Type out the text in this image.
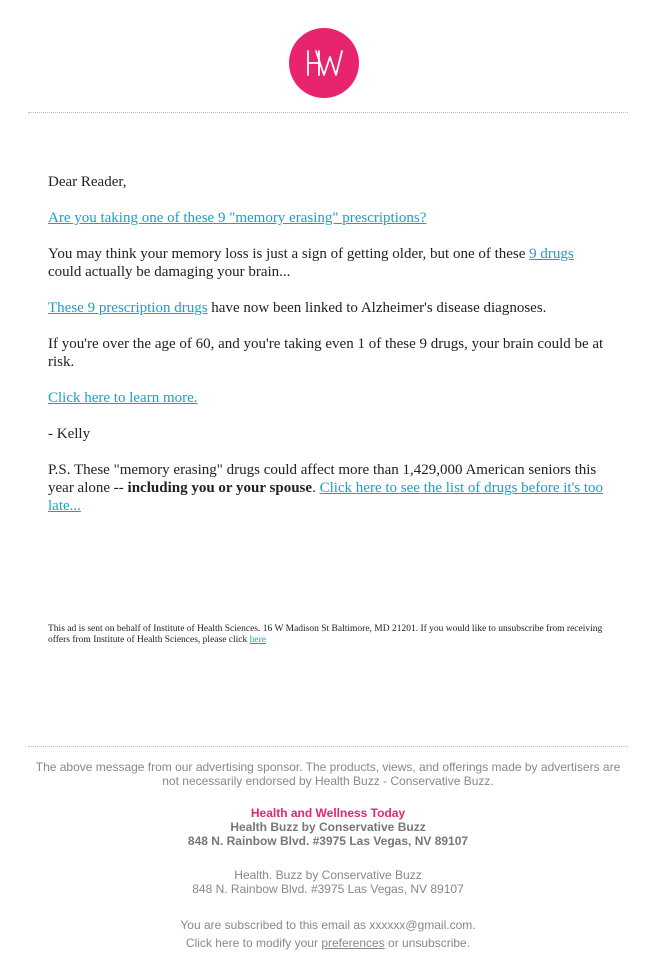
Dear Reader,

Are you taking one of these 9 "memory erasing" prescriptions?

You may think your memory loss is just a sign of getting older, but one of these 9 drugs could actually be damaging your brain...

These 9 prescription drugs have now been linked to Alzheimer's disease diagnoses.

If you're over the age of 60, and you're taking even 1 of these 9 drugs, your brain could be at risk.

Click here to learn more.

- Kelly

P.S. These "memory erasing" drugs could affect more than 1,429,000 American seniors this year alone -- including you or your spouse. Click here to see the list of drugs before it's too late...

This ad is sent on behalf of Institute of Health Sciences. 16 W Madison St Baltimore, MD 21201. If you would like to unsubscribe from receiving offers from Institute of Health Sciences, please click here
The above message from our advertising sponsor. The products, views, and offerings made by advertisers are not necessarily endorsed by Health Buzz - Conservative Buzz.
Health and Wellness Today
Health Buzz by Conservative Buzz
848 N. Rainbow Blvd. #3975 Las Vegas, NV 89107
Health. Buzz by Conservative Buzz
848 N. Rainbow Blvd. #3975 Las Vegas, NV 89107
You are subscribed to this email as xxxxxx@gmail.com.
Click here to modify your preferences or unsubscribe.
